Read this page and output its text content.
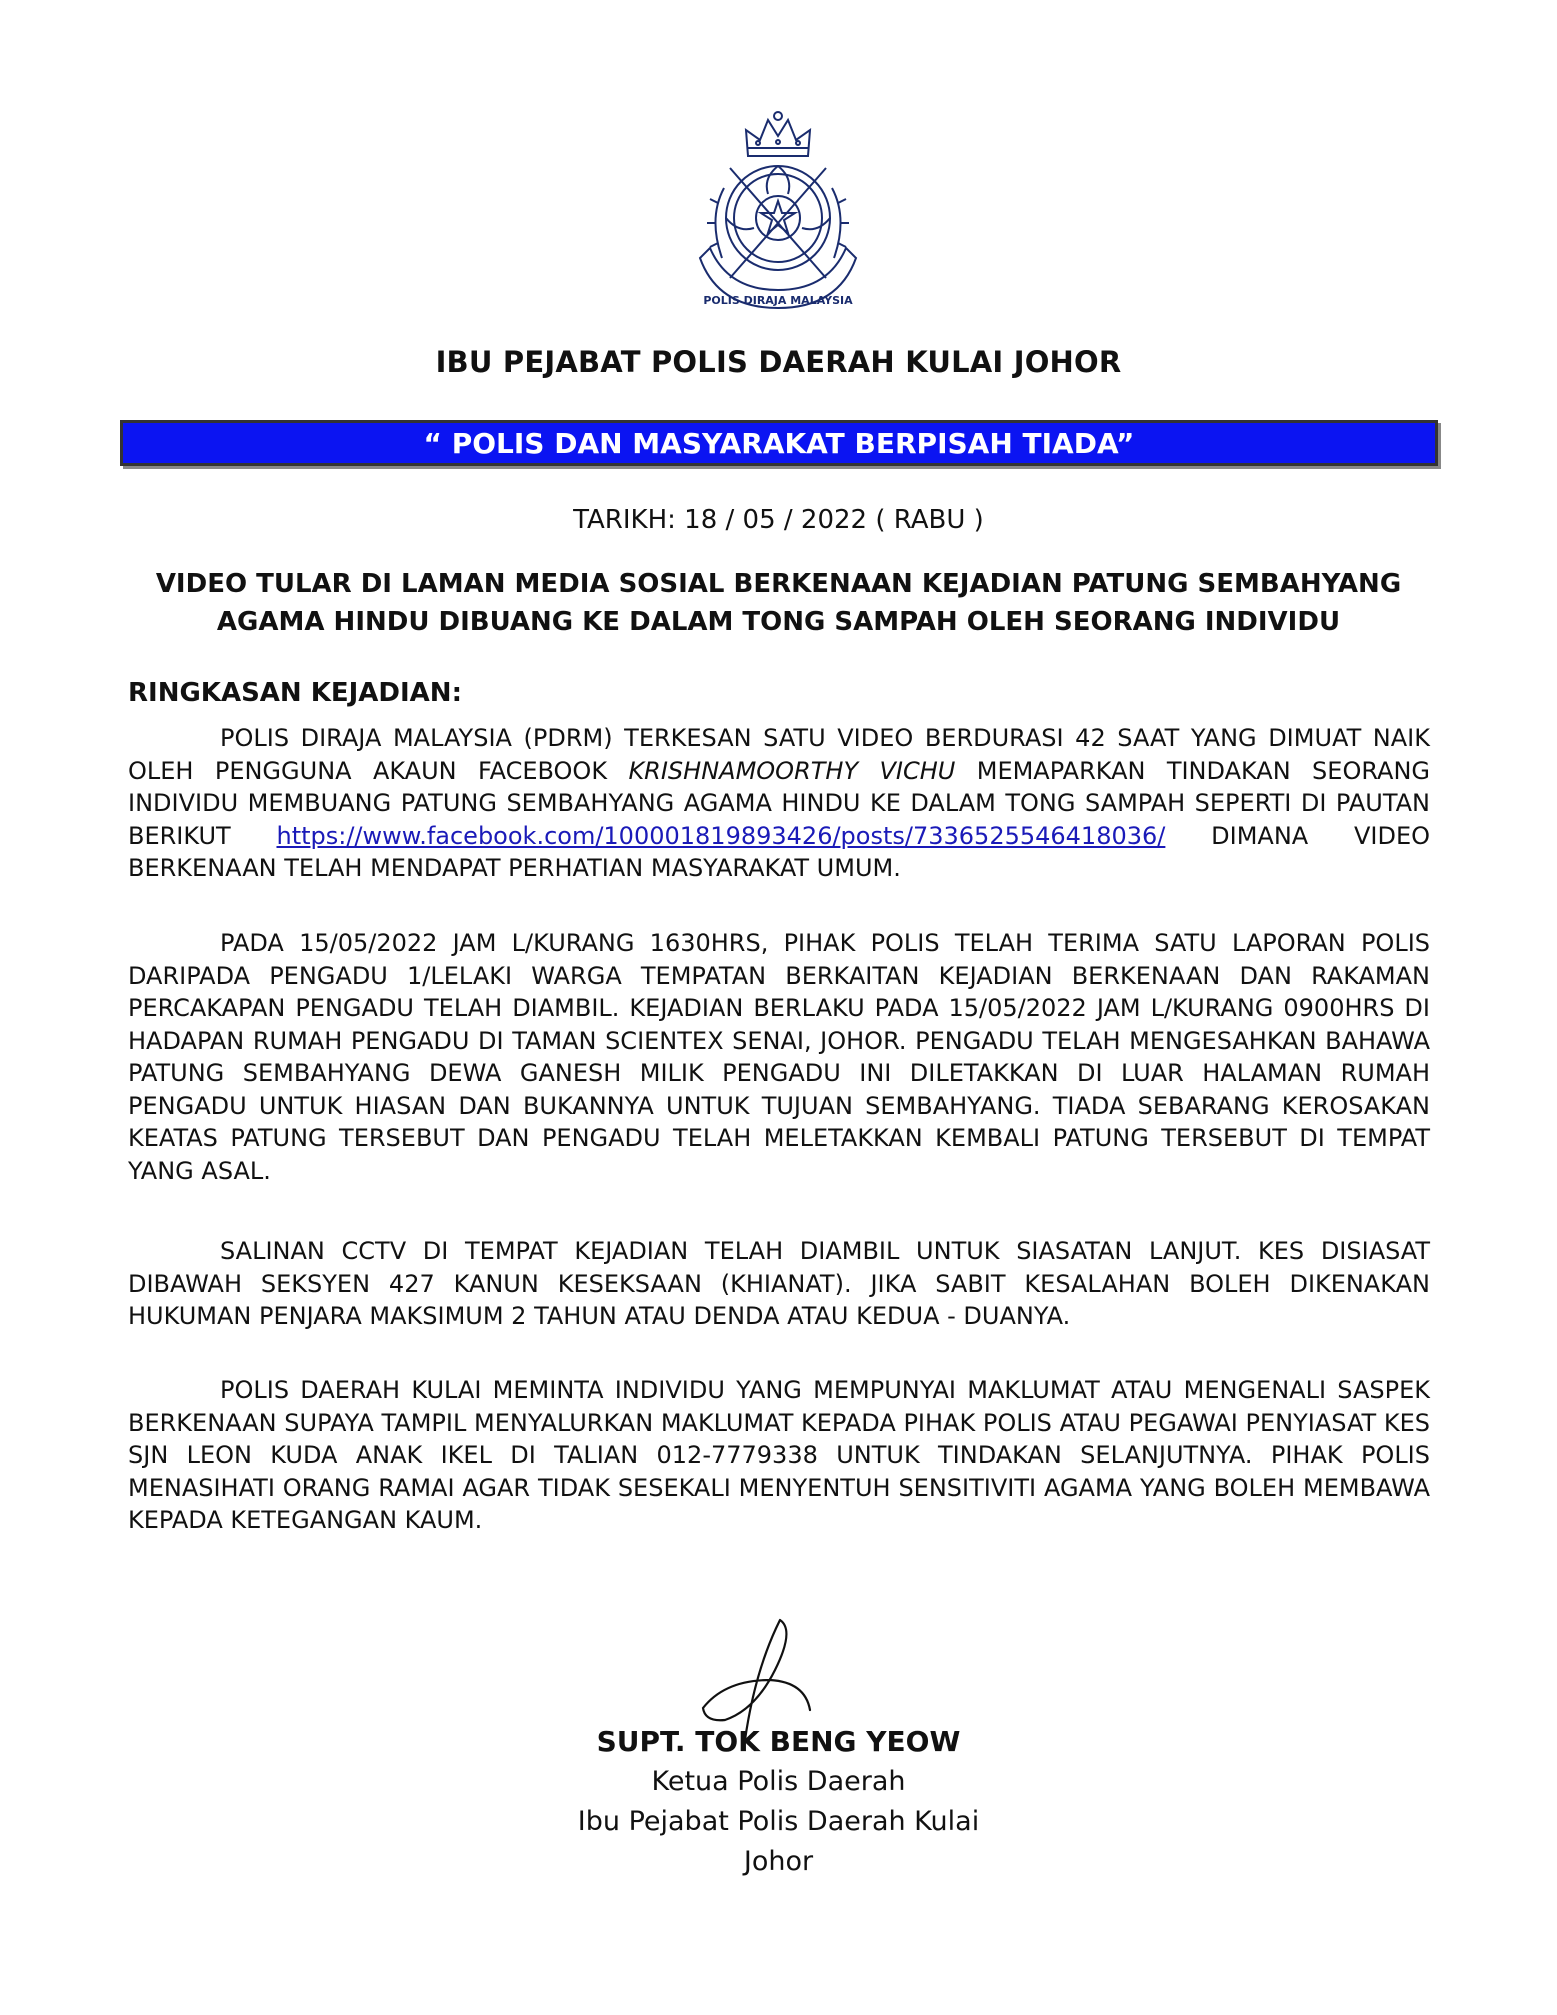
POLIS DIRAJA MALAYSIA
IBU PEJABAT POLIS DAERAH KULAI JOHOR
“ POLIS DAN MASYARAKAT BERPISAH TIADA”
TARIKH: 18 / 05 / 2022 ( RABU )
VIDEO TULAR DI LAMAN MEDIA SOSIAL BERKENAAN KEJADIAN PATUNG SEMBAHYANG AGAMA HINDU DIBUANG KE DALAM TONG SAMPAH OLEH SEORANG INDIVIDU
RINGKASAN KEJADIAN:

POLIS DIRAJA MALAYSIA (PDRM) TERKESAN SATU VIDEO BERDURASI 42 SAAT YANG DIMUAT NAIK OLEH PENGGUNA AKAUN FACEBOOK KRISHNAMOORTHY VICHU MEMAPARKAN TINDAKAN SEORANG INDIVIDU MEMBUANG PATUNG SEMBAHYANG AGAMA HINDU KE DALAM TONG SAMPAH SEPERTI DI PAUTAN BERIKUT https://www.facebook.com/100001819893426/posts/7336525546418036/ DIMANA VIDEO BERKENAAN TELAH MENDAPAT PERHATIAN MASYARAKAT UMUM.

PADA 15/05/2022 JAM L/KURANG 1630HRS, PIHAK POLIS TELAH TERIMA SATU LAPORAN POLIS DARIPADA PENGADU 1/LELAKI WARGA TEMPATAN BERKAITAN KEJADIAN BERKENAAN DAN RAKAMAN PERCAKAPAN PENGADU TELAH DIAMBIL. KEJADIAN BERLAKU PADA 15/05/2022 JAM L/KURANG 0900HRS DI HADAPAN RUMAH PENGADU DI TAMAN SCIENTEX SENAI, JOHOR. PENGADU TELAH MENGESAHKAN BAHAWA PATUNG SEMBAHYANG DEWA GANESH MILIK PENGADU INI DILETAKKAN DI LUAR HALAMAN RUMAH PENGADU UNTUK HIASAN DAN BUKANNYA UNTUK TUJUAN SEMBAHYANG. TIADA SEBARANG KEROSAKAN KEATAS PATUNG TERSEBUT DAN PENGADU TELAH MELETAKKAN KEMBALI PATUNG TERSEBUT DI TEMPAT YANG ASAL.

SALINAN CCTV DI TEMPAT KEJADIAN TELAH DIAMBIL UNTUK SIASATAN LANJUT. KES DISIASAT DIBAWAH SEKSYEN 427 KANUN KESEKSAAN (KHIANAT). JIKA SABIT KESALAHAN BOLEH DIKENAKAN HUKUMAN PENJARA MAKSIMUM 2 TAHUN ATAU DENDA ATAU KEDUA - DUANYA.

POLIS DAERAH KULAI MEMINTA INDIVIDU YANG MEMPUNYAI MAKLUMAT ATAU MENGENALI SASPEK BERKENAAN SUPAYA TAMPIL MENYALURKAN MAKLUMAT KEPADA PIHAK POLIS ATAU PEGAWAI PENYIASAT KES SJN LEON KUDA ANAK IKEL DI TALIAN 012-7779338 UNTUK TINDAKAN SELANJUTNYA. PIHAK POLIS MENASIHATI ORANG RAMAI AGAR TIDAK SESEKALI MENYENTUH SENSITIVITI AGAMA YANG BOLEH MEMBAWA KEPADA KETEGANGAN KAUM.

SUPT. TOK BENG YEOW
Ketua Polis Daerah
Ibu Pejabat Polis Daerah Kulai
Johor
